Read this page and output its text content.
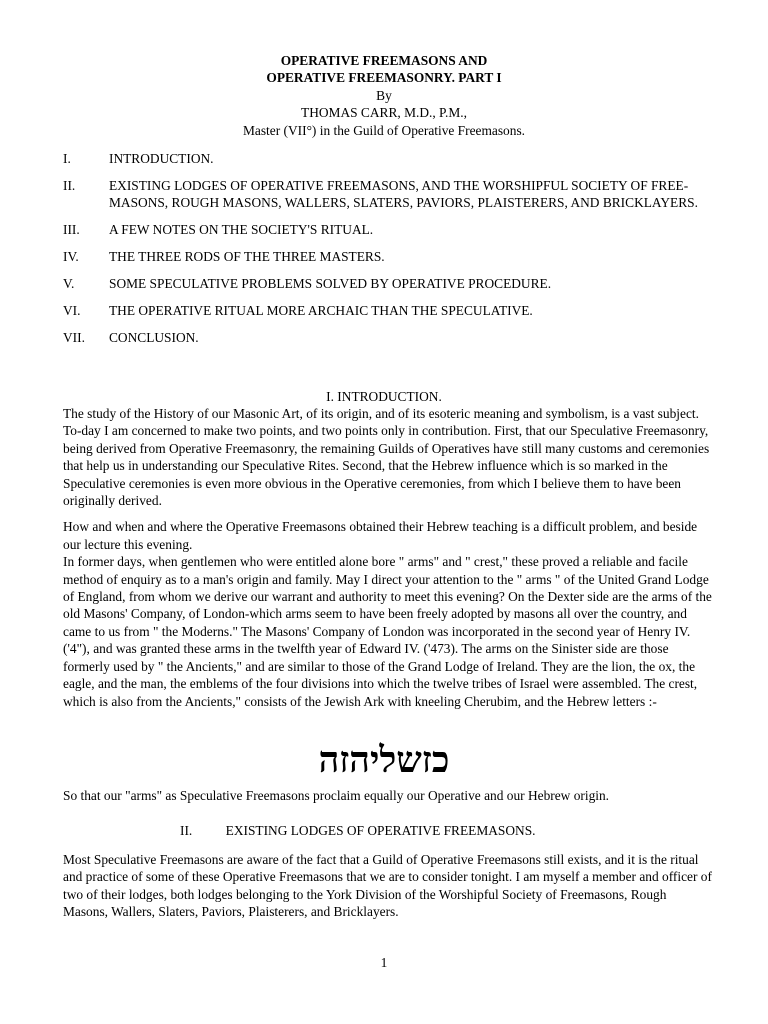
OPERATIVE FREEMASONS AND
OPERATIVE FREEMASONRY. PART I
By
THOMAS CARR, M.D., P.M.,
Master (VII°) in the Guild of Operative Freemasons.
I.	INTRODUCTION.
II.	EXISTING LODGES OF OPERATIVE FREEMASONS, AND THE WORSHIPFUL SOCIETY OF FREE-MASONS, ROUGH MASONS, WALLERS, SLATERS, PAVIORS, PLAISTERERS, AND BRICKLAYERS.
III. A FEW NOTES ON THE SOCIETY'S RITUAL.
IV. THE THREE RODS OF THE THREE MASTERS.
V.	SOME SPECULATIVE PROBLEMS SOLVED BY OPERATIVE PROCEDURE.
VI. THE OPERATIVE RITUAL MORE ARCHAIC THAN THE SPECULATIVE.
VII. CONCLUSION.
I. INTRODUCTION.

The study of the History of our Masonic Art, of its origin, and of its esoteric meaning and symbolism, is a vast subject. To-day I am concerned to make two points, and two points only in contribution. First, that our Speculative Freemasonry, being derived from Operative Freemasonry, the remaining Guilds of Operatives have still many customs and ceremonies that help us in understanding our Speculative Rites. Second, that the Hebrew influence which is so marked in the Speculative ceremonies is even more obvious in the Operative ceremonies, from which I believe them to have been originally derived.

How and when and where the Operative Freemasons obtained their Hebrew teaching is a difficult problem, and beside our lecture this evening.

In former days, when gentlemen who were entitled alone bore " arms" and " crest," these proved a reliable and facile method of enquiry as to a man's origin and family. May I direct your attention to the " arms " of the United Grand Lodge of England, from whom we derive our warrant and authority to meet this evening? On the Dexter side are the arms of the old Masons' Company, of London-which arms seem to have been freely adopted by masons all over the country, and came to us from " the Moderns." The Masons' Company of London was incorporated in the second year of Henry IV. ('4"), and was granted these arms in the twelfth year of Edward IV. ('473). The arms on the Sinister side are those formerly used by " the Ancients," and are similar to those of the Grand Lodge of Ireland. They are the lion, the ox, the eagle, and the man, the emblems of the four divisions into which the twelve tribes of Israel were assembled. The crest, which is also from the Ancients," consists of the Jewish Ark with kneeling Cherubim, and the Hebrew letters :-

כזשליהזה
So that our "arms" as Speculative Freemasons proclaim equally our Operative and our Hebrew origin.
II. EXISTING LODGES OF OPERATIVE FREEMASONS.
Most Speculative Freemasons are aware of the fact that a Guild of Operative Freemasons still exists, and it is the ritual and practice of some of these Operative Freemasons that we are to consider tonight. I am myself a member and officer of two of their lodges, both lodges belonging to the York Division of the Worshipful Society of Freemasons, Rough Masons, Wallers, Slaters, Paviors, Plaisterers, and Bricklayers.
1
